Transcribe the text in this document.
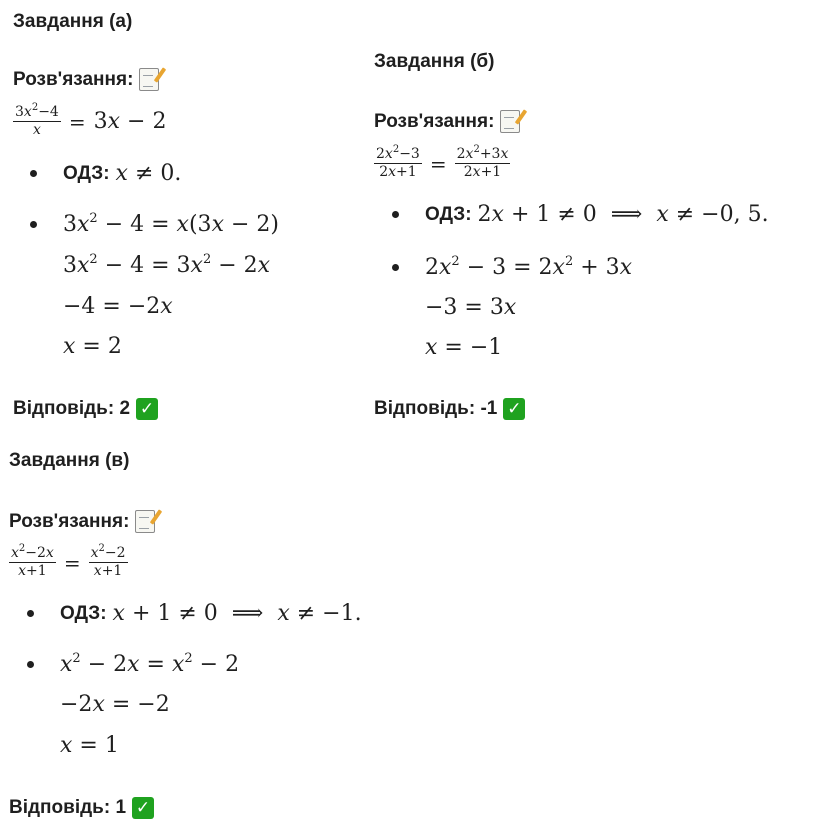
Завдання (а)
Розв'язання:
$\frac{3x^2-4}{x} = 3x - 2$
ОДЗ: x ≠ 0.
$3x^2 - 4 = x(3x - 2)$
$3x^2 - 4 = 3x^2 - 2x$
−4 = −2x
x = 2
Відповідь: 2 ✓
Завдання (б)
Розв'язання:
$\frac{2x^2-3}{2x+1} = \frac{2x^2+3x}{2x+1}$
ОДЗ: 2x + 1 ≠ 0  ⟹  x ≠ −0, 5.
$2x^2 - 3 = 2x^2 + 3x$
−3 = 3x
x = −1
Відповідь: -1 ✓
Завдання (в)
Розв'язання:
$\frac{x^2-2x}{x+1} = \frac{x^2-2}{x+1}$
ОДЗ: x + 1 ≠ 0  ⟹  x ≠ −1.
$x^2 - 2x = x^2 - 2$
−2x = −2
x = 1
Відповідь: 1 ✓
